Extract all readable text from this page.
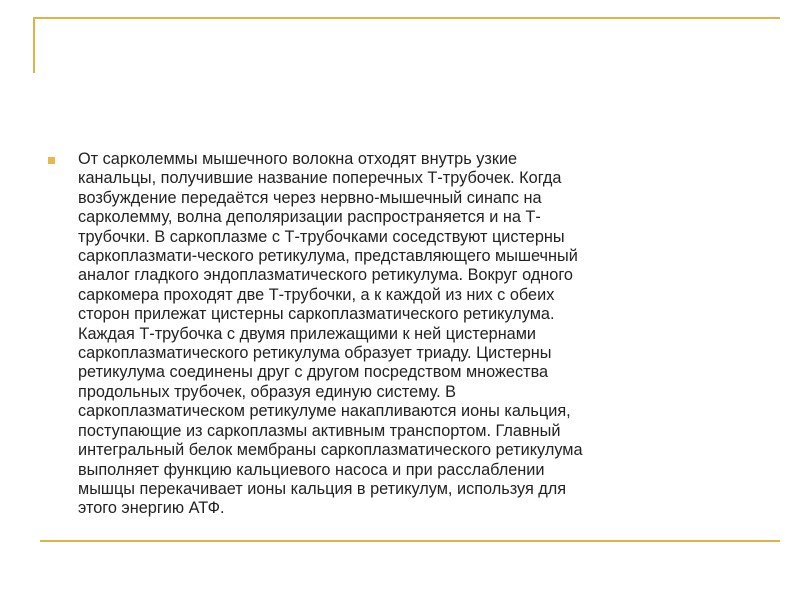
От сарколеммы мышечного волокна отходят внутрь узкие
канальцы, получившие название поперечных Т-трубочек. Когда
возбуждение передаётся через нервно-мышечный синапс на
сарколемму, волна деполяризации распространяется и на Т-
трубочки. В саркоплазме с Т-трубочками соседствуют цистерны
саркоплазмати-ческого ретикулума, представляющего мышечный
аналог гладкого эндоплазматического ретикулума. Вокруг одного
саркомера проходят две Т-трубочки, а к каждой из них с обеих
сторон прилежат цистерны саркоплазматического ретикулума.
Каждая Т-трубочка с двумя прилежащими к ней цистернами
саркоплазматического ретикулума образует триаду. Цистерны
ретикулума соединены друг с другом посредством множества
продольных трубочек, образуя единую систему. В
саркоплазматическом ретикулуме накапливаются ионы кальция,
поступающие из саркоплазмы активным транспортом. Главный
интегральный белок мембраны саркоплазматического ретикулума
выполняет функцию кальциевого насоса и при расслаблении
мышцы перекачивает ионы кальция в ретикулум, используя для
этого энергию АТФ.
